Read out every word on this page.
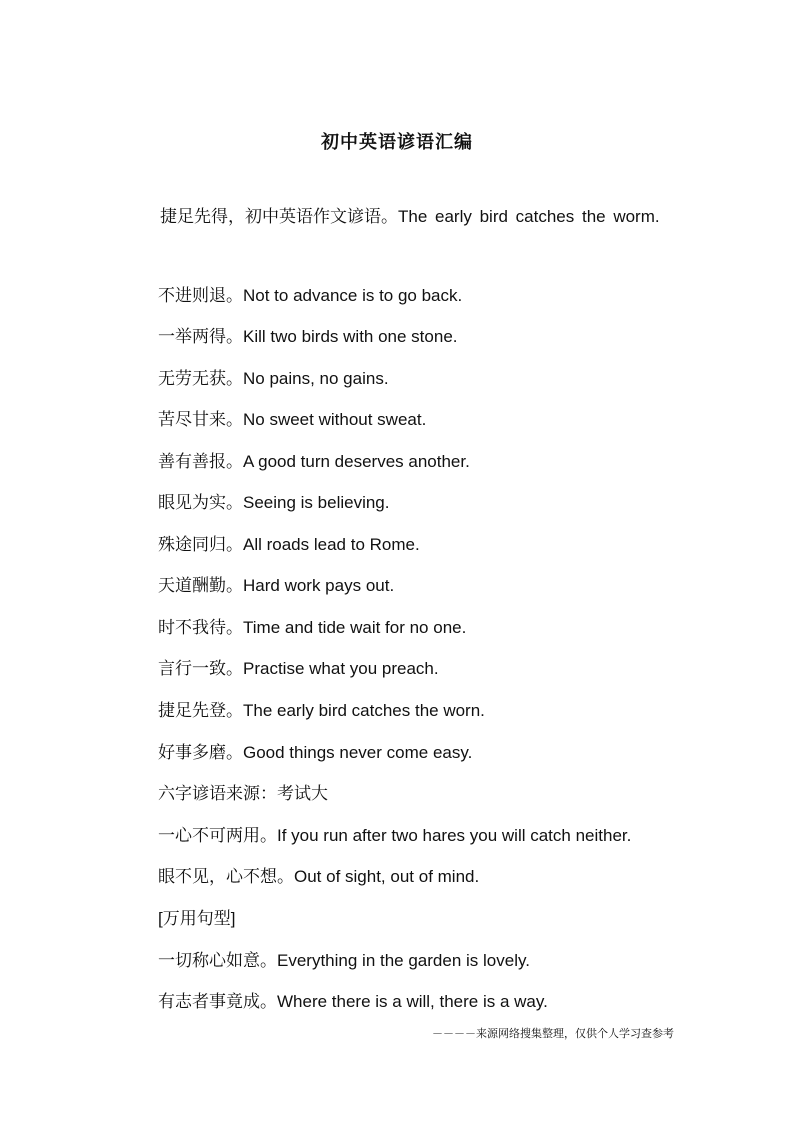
初中英语谚语汇编
捷足先得，初中英语作文谚语。The early bird catches the worm.
不进则退。Not to advance is to go back.
一举两得。Kill two birds with one stone.
无劳无获。No pains, no gains.
苦尽甘来。No sweet without sweat.
善有善报。A good turn deserves another.
眼见为实。Seeing is believing.
殊途同归。All roads lead to Rome.
天道酬勤。Hard work pays out.
时不我待。Time and tide wait for no one.
言行一致。Practise what you preach.
捷足先登。The early bird catches the worn.
好事多磨。Good things never come easy.
六字谚语来源：考试大
一心不可两用。If you run after two hares you will catch neither.
眼不见，心不想。Out of sight, out of mind.
[万用句型]
一切称心如意。Everything in the garden is lovely.
有志者事竟成。Where there is a will, there is a way.
－－－－来源网络搜集整理，仅供个人学习查参考
